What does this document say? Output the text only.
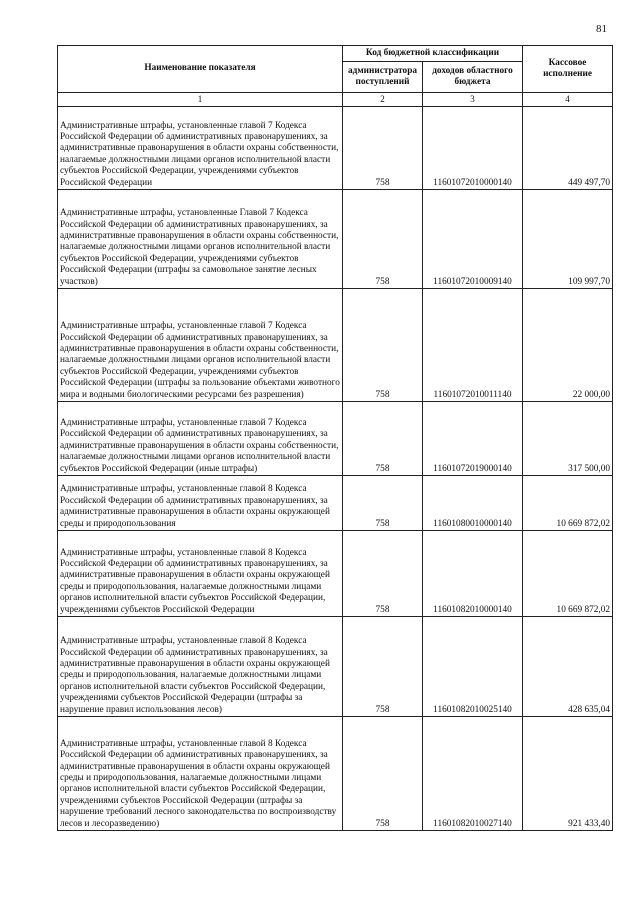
81
Наименование показателя	Код бюджетной классификации		Кассовое исполнение
	администратора поступлений	доходов областного бюджета	
1	2	3	4
Административные штрафы, установленные главой 7 Кодекса Российской Федерации об административных правонарушениях, за административные правонарушения в области охраны собственности, налагаемые должностными лицами органов исполнительной власти субъектов Российской Федерации, учреждениями субъектов Российской Федерации	758	11601072010000140	449 497,70
Административные штрафы, установленные Главой 7 Кодекса Российской Федерации об административных правонарушениях, за административные правонарушения в области охраны собственности, налагаемые должностными лицами органов исполнительной власти субъектов Российской Федерации, учреждениями субъектов Российской Федерации (штрафы за самовольное занятие лесных участков)	758	11601072010009140	109 997,70
Административные штрафы, установленные главой 7 Кодекса Российской Федерации об административных правонарушениях, за административные правонарушения в области охраны собственности, налагаемые должностными лицами органов исполнительной власти субъектов Российской Федерации, учреждениями субъектов Российской Федерации (штрафы за пользование объектами животного мира и водными биологическими ресурсами без разрешения)	758	11601072010011140	22 000,00
Административные штрафы, установленные главой 7 Кодекса Российской Федерации об административных правонарушениях, за административные правонарушения в области охраны собственности, налагаемые должностными лицами органов исполнительной власти субъектов Российской Федерации (иные штрафы)	758	11601072019000140	317 500,00
Административные штрафы, установленные главой 8 Кодекса Российской Федерации об административных правонарушениях, за административные правонарушения в области охраны окружающей среды и природопользования	758	11601080010000140	10 669 872,02
Административные штрафы, установленные главой 8 Кодекса Российской Федерации об административных правонарушениях, за административные правонарушения в области охраны окружающей среды и природопользования, налагаемые должностными лицами органов исполнительной власти субъектов Российской Федерации, учреждениями субъектов Российской Федерации	758	11601082010000140	10 669 872,02
Административные штрафы, установленные главой 8 Кодекса Российской Федерации об административных правонарушениях, за административные правонарушения в области охраны окружающей среды и природопользования, налагаемые должностными лицами органов исполнительной власти субъектов Российской Федерации, учреждениями субъектов Российской Федерации (штрафы за нарушение правил использования лесов)	758	11601082010025140	428 635,04
Административные штрафы, установленные главой 8 Кодекса Российской Федерации об административных правонарушениях, за административные правонарушения в области охраны окружающей среды и природопользования, налагаемые должностными лицами органов исполнительной власти субъектов Российской Федерации, учреждениями субъектов Российской Федерации (штрафы за нарушение требований лесного законодательства по воспроизводству лесов и лесоразведению)	758	11601082010027140	921 433,40
